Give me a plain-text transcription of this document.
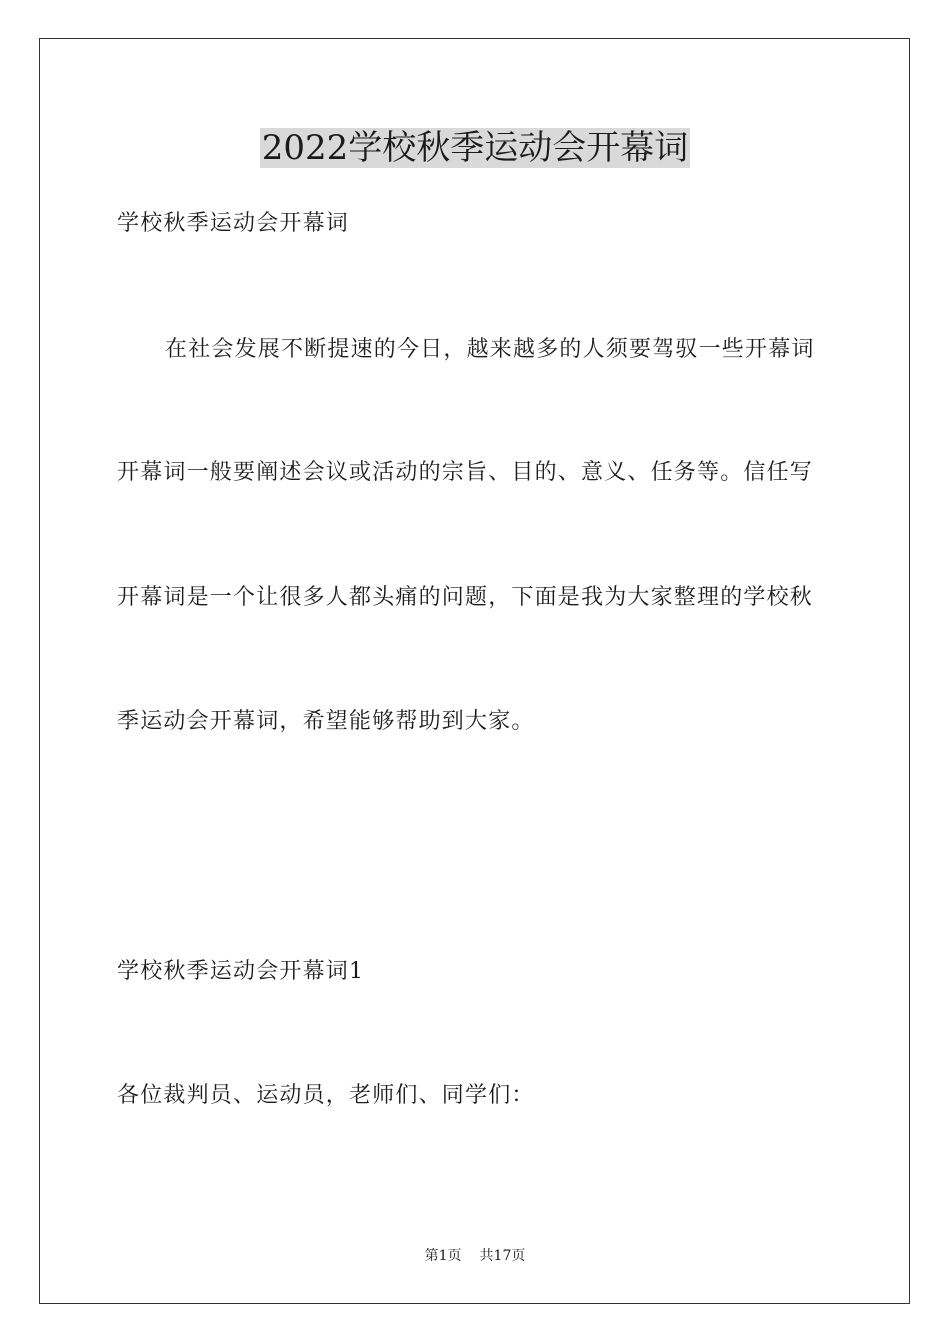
2022学校秋季运动会开幕词
学校秋季运动会开幕词
在社会发展不断提速的今日，越来越多的人须要驾驭一些开幕词
开幕词一般要阐述会议或活动的宗旨、目的、意义、任务等。信任写
开幕词是一个让很多人都头痛的问题，下面是我为大家整理的学校秋
季运动会开幕词，希望能够帮助到大家。
学校秋季运动会开幕词1
各位裁判员、运动员，老师们、同学们：
第1页 共17页
